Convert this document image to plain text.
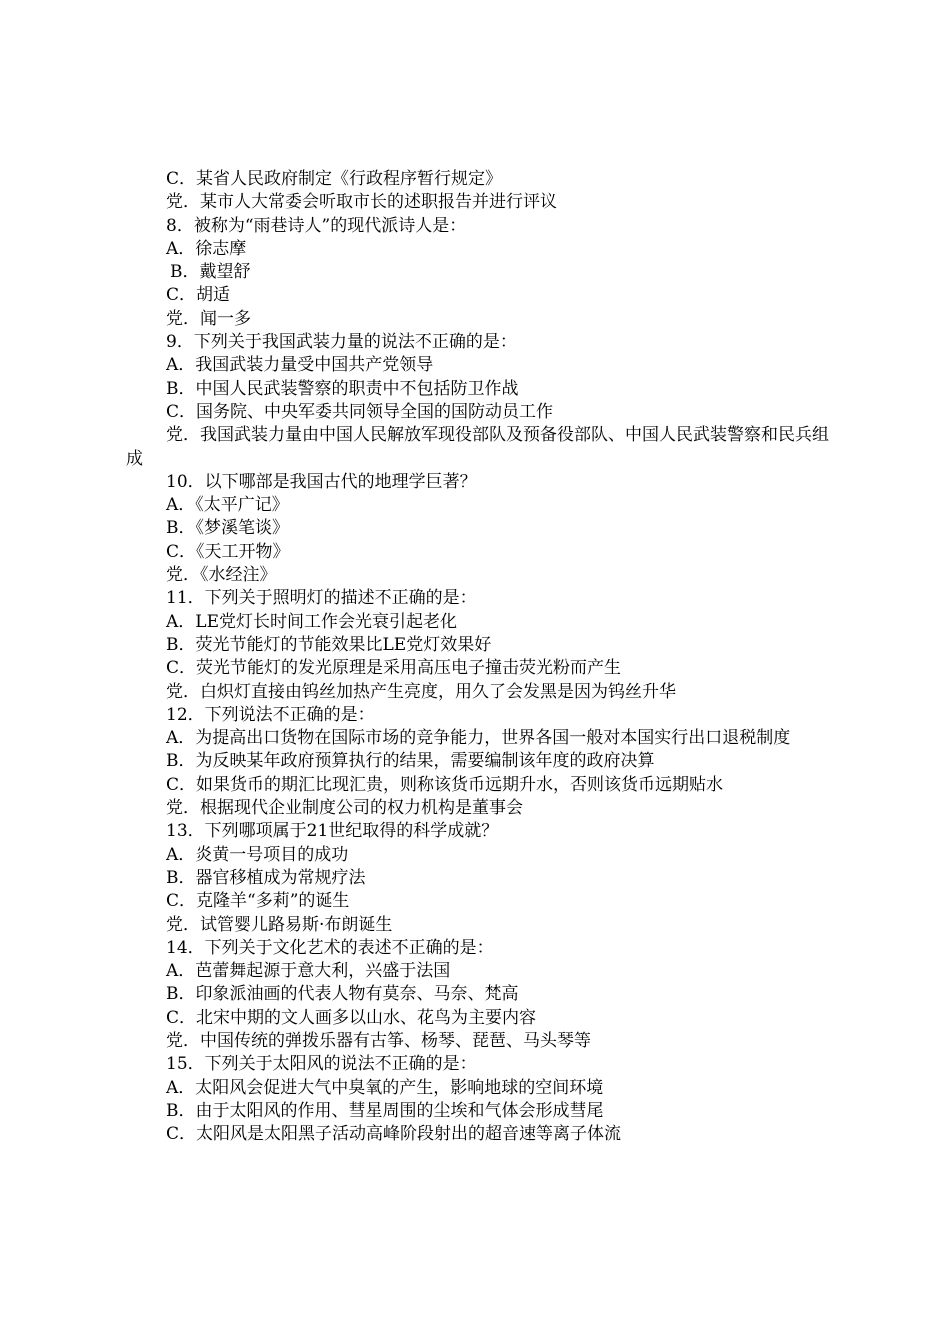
C．某省人民政府制定《行政程序暂行规定》

党．某市人大常委会听取市长的述职报告并进行评议

8．被称为“雨巷诗人”的现代派诗人是：

A．徐志摩

B．戴望舒

C．胡适

党．闻一多

9．下列关于我国武装力量的说法不正确的是：

A．我国武装力量受中国共产党领导

B．中国人民武装警察的职责中不包括防卫作战

C．国务院、中央军委共同领导全国的国防动员工作

党．我国武装力量由中国人民解放军现役部队及预备役部队、中国人民武装警察和民兵组成

10．以下哪部是我国古代的地理学巨著？

A．《太平广记》

B．《梦溪笔谈》

C．《天工开物》

党．《水经注》

11．下列关于照明灯的描述不正确的是：

A．LE党灯长时间工作会光衰引起老化

B．荧光节能灯的节能效果比LE党灯效果好

C．荧光节能灯的发光原理是采用高压电子撞击荧光粉而产生

党．白炽灯直接由钨丝加热产生亮度，用久了会发黑是因为钨丝升华

12．下列说法不正确的是：

A．为提高出口货物在国际市场的竞争能力，世界各国一般对本国实行出口退税制度

B．为反映某年政府预算执行的结果，需要编制该年度的政府决算

C．如果货币的期汇比现汇贵，则称该货币远期升水，否则该货币远期贴水

党．根据现代企业制度公司的权力机构是董事会

13．下列哪项属于21世纪取得的科学成就？

A．炎黄一号项目的成功

B．器官移植成为常规疗法

C．克隆羊“多莉”的诞生

党．试管婴儿路易斯·布朗诞生

14．下列关于文化艺术的表述不正确的是：

A．芭蕾舞起源于意大利，兴盛于法国

B．印象派油画的代表人物有莫奈、马奈、梵高

C．北宋中期的文人画多以山水、花鸟为主要内容

党．中国传统的弹拨乐器有古筝、杨琴、琵琶、马头琴等

15．下列关于太阳风的说法不正确的是：

A．太阳风会促进大气中臭氧的产生，影响地球的空间环境

B．由于太阳风的作用、彗星周围的尘埃和气体会形成彗尾

C．太阳风是太阳黑子活动高峰阶段射出的超音速等离子体流
